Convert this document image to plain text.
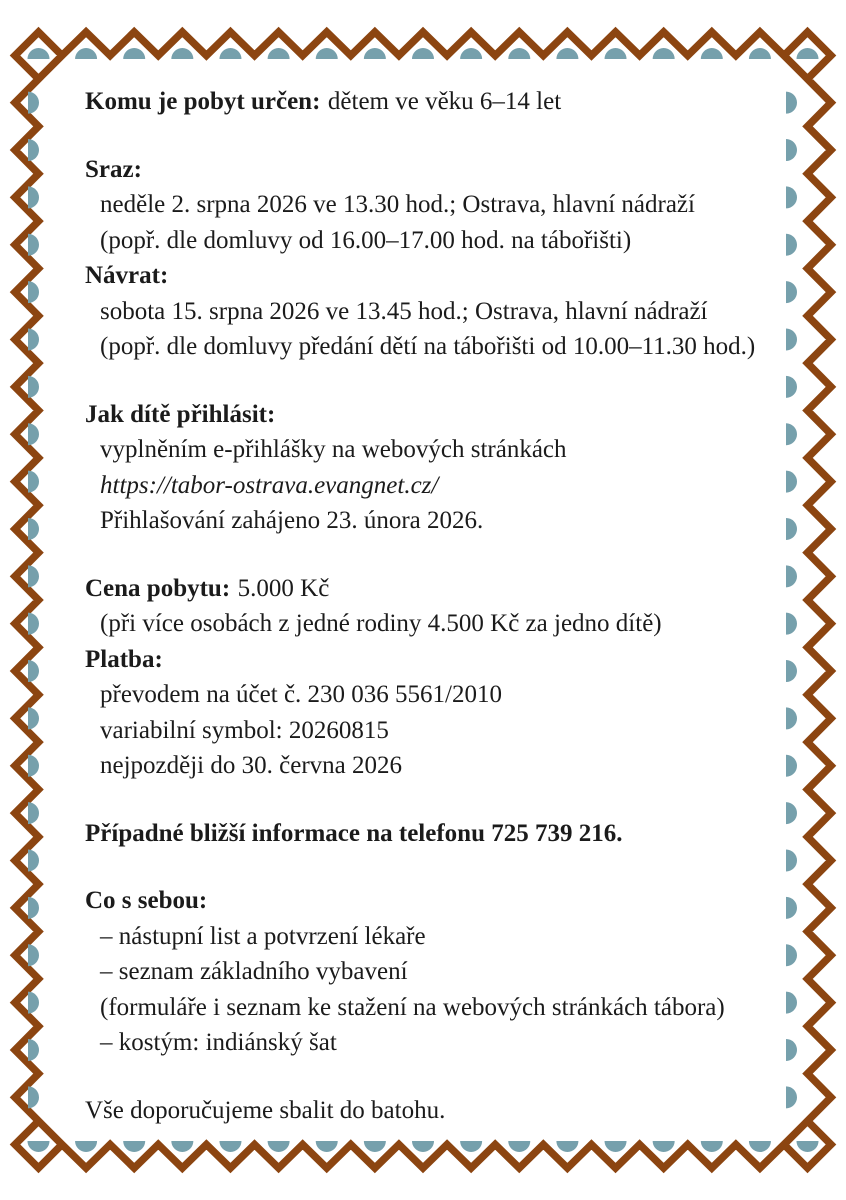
Komu je pobyt určen: dětem ve věku 6–14 let

Sraz:

neděle 2. srpna 2026 ve 13.30 hod.; Ostrava, hlavní nádraží

(popř. dle domluvy od 16.00–17.00 hod. na tábořišti)

Návrat:

sobota 15. srpna 2026 ve 13.45 hod.; Ostrava, hlavní nádraží

(popř. dle domluvy předání dětí na tábořišti od 10.00–11.30 hod.)

Jak dítě přihlásit:

vyplněním e-přihlášky na webových stránkách

https://tabor-ostrava.evangnet.cz/

Přihlašování zahájeno 23. února 2026.

Cena pobytu: 5.000 Kč

(při více osobách z jedné rodiny 4.500 Kč za jedno dítě)

Platba:

převodem na účet č. 230 036 5561/2010

variabilní symbol: 20260815

nejpozději do 30. června 2026

Případné bližší informace na telefonu 725 739 216.

Co s sebou:

– nástupní list a potvrzení lékaře

– seznam základního vybavení

(formuláře i seznam ke stažení na webových stránkách tábora)

– kostým: indiánský šat

Vše doporučujeme sbalit do batohu.
